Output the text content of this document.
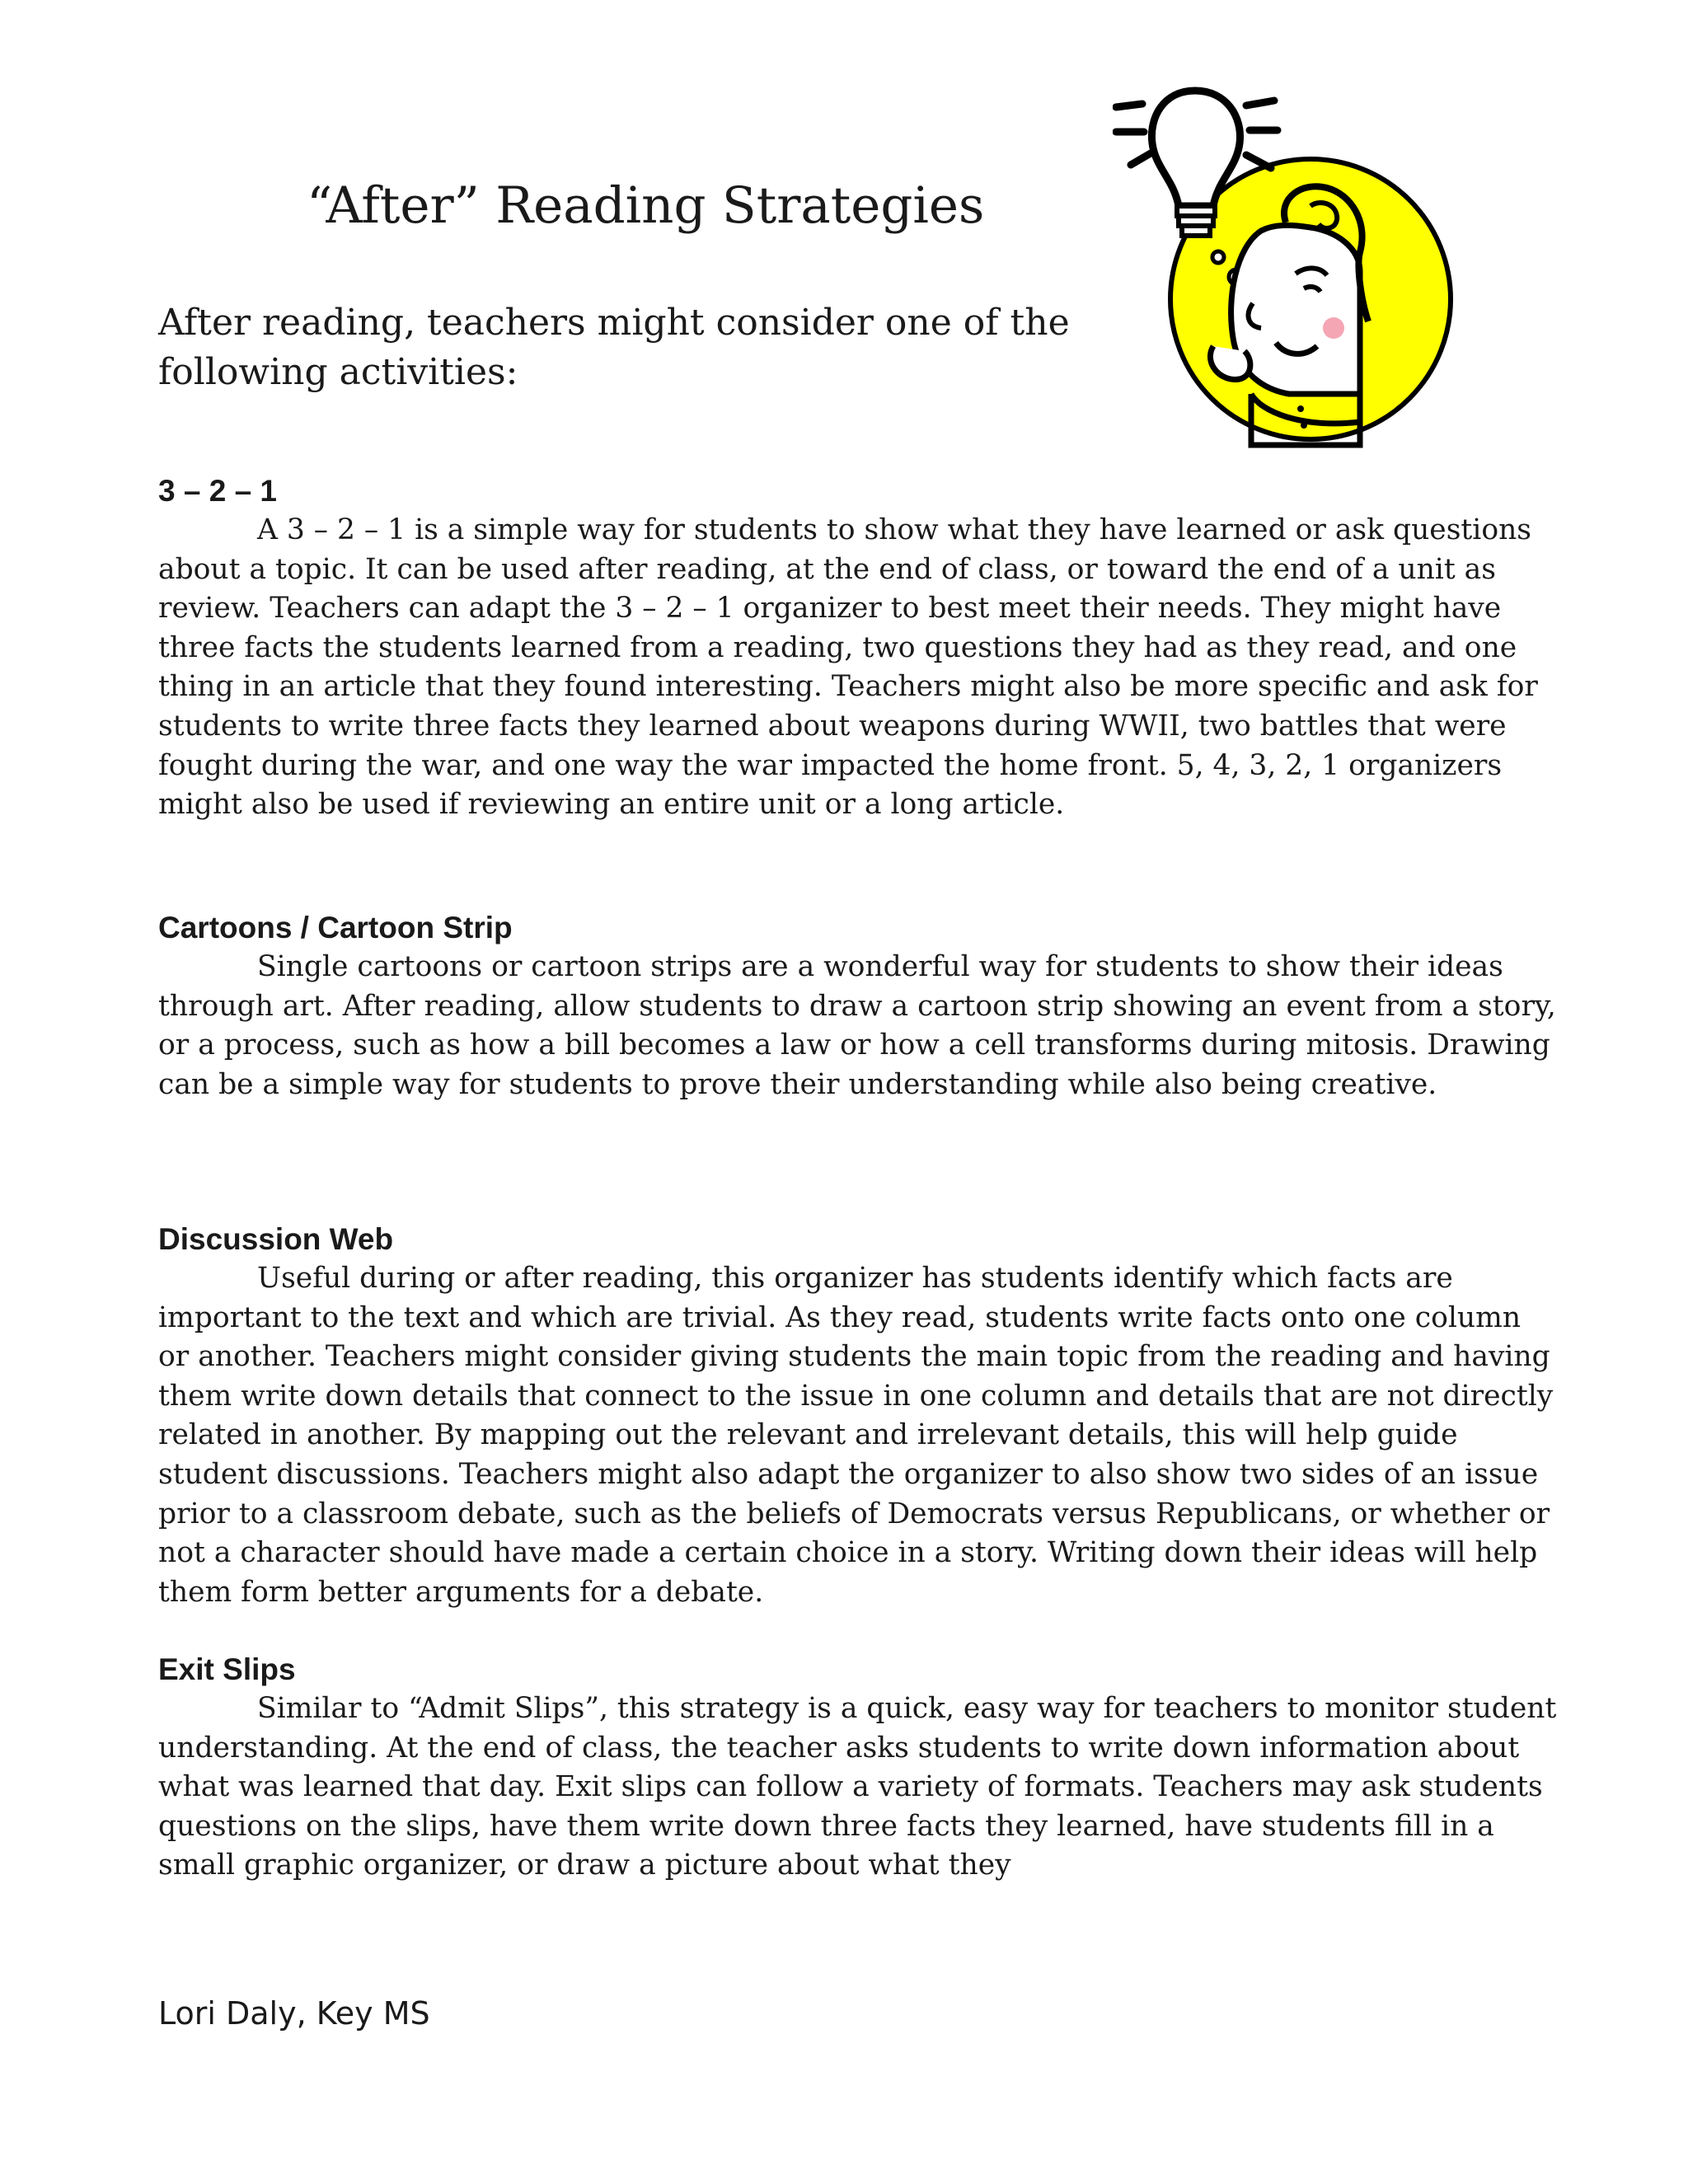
“After” Reading Strategies

After reading, teachers might consider one of the following activities:

3 – 2 – 1

A 3 – 2 – 1 is a simple way for students to show what they have learned or ask questions about a topic. It can be used after reading, at the end of class, or toward the end of a unit as review. Teachers can adapt the 3 – 2 – 1 organizer to best meet their needs. They might have three facts the students learned from a reading, two questions they had as they read, and one thing in an article that they found interesting. Teachers might also be more specific and ask for students to write three facts they learned about weapons during WWII, two battles that were fought during the war, and one way the war impacted the home front. 5, 4, 3, 2, 1 organizers might also be used if reviewing an entire unit or a long article.

Cartoons / Cartoon Strip

Single cartoons or cartoon strips are a wonderful way for students to show their ideas through art. After reading, allow students to draw a cartoon strip showing an event from a story, or a process, such as how a bill becomes a law or how a cell transforms during mitosis. Drawing can be a simple way for students to prove their understanding while also being creative.

Discussion Web

Useful during or after reading, this organizer has students identify which facts are important to the text and which are trivial. As they read, students write facts onto one column or another. Teachers might consider giving students the main topic from the reading and having them write down details that connect to the issue in one column and details that are not directly related in another. By mapping out the relevant and irrelevant details, this will help guide student discussions. Teachers might also adapt the organizer to also show two sides of an issue prior to a classroom debate, such as the beliefs of Democrats versus Republicans, or whether or not a character should have made a certain choice in a story. Writing down their ideas will help them form better arguments for a debate.

Exit Slips

Similar to “Admit Slips”, this strategy is a quick, easy way for teachers to monitor student understanding. At the end of class, the teacher asks students to write down information about what was learned that day. Exit slips can follow a variety of formats. Teachers may ask students questions on the slips, have them write down three facts they learned, have students fill in a small graphic organizer, or draw a picture about what they

Lori Daly, Key MS
